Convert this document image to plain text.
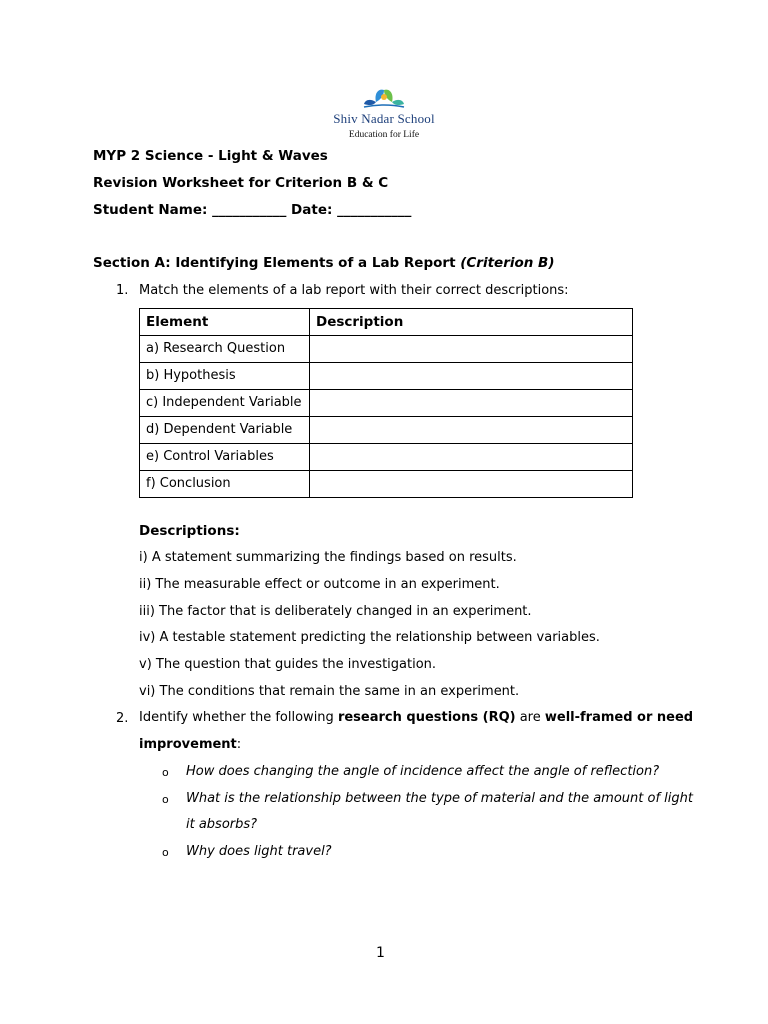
Shiv Nadar School
Education for Life
MYP 2 Science - Light & Waves
Revision Worksheet for Criterion B & C
Student Name: ___________ Date: ___________
Section A: Identifying Elements of a Lab Report (Criterion B)
1. Match the elements of a lab report with their correct descriptions:
Element	Description
a) Research Question	
b) Hypothesis	
c) Independent Variable	
d) Dependent Variable	
e) Control Variables	
f) Conclusion	
Descriptions:
i) A statement summarizing the findings based on results.
ii) The measurable effect or outcome in an experiment.
iii) The factor that is deliberately changed in an experiment.
iv) A testable statement predicting the relationship between variables.
v) The question that guides the investigation.
vi) The conditions that remain the same in an experiment.
2. Identify whether the following research questions (RQ) are well-framed or need
improvement:
o How does changing the angle of incidence affect the angle of reflection?
o What is the relationship between the type of material and the amount of light
it absorbs?
o Why does light travel?
1
